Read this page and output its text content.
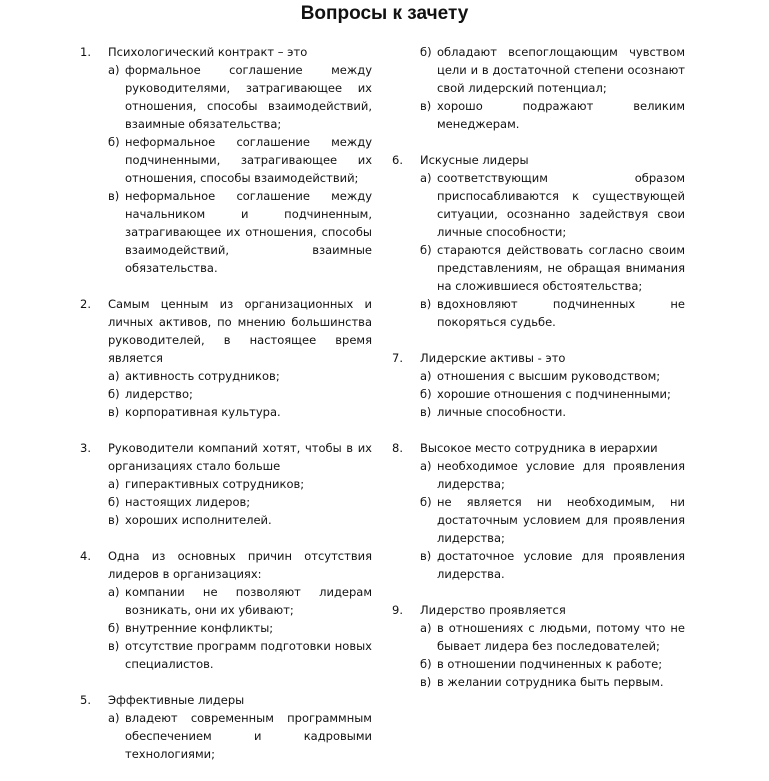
Вопросы к зачету
1.	Психологический контракт – это
а) формальное соглашение между руководителями, затрагивающее их отношения, способы взаимодействий, взаимные обязательства;
б) неформальное соглашение между подчиненными, затрагивающее их отношения, способы взаимодействий;
в) неформальное соглашение между начальником и подчиненным, затрагивающее их отношения, способы взаимодействий, взаимные обязательства.
2.	Самым ценным из организационных и личных активов, по мнению большинства руководителей, в настоящее время является
а) активность сотрудников;
б) лидерство;
в) корпоративная культура.
3.	Руководители компаний хотят, чтобы в их организациях стало больше
а) гиперактивных сотрудников;
б) настоящих лидеров;
в) хороших исполнителей.
4.	Одна из основных причин отсутствия лидеров в организациях:
а) компании не позволяют лидерам возникать, они их убивают;
б) внутренние конфликты;
в) отсутствие программ подготовки новых специалистов.
5.	Эффективные лидеры
а) владеют современным программным обеспечением и кадровыми технологиями;
б) обладают всепоглощающим чувством цели и в достаточной степени осознают свой лидерский потенциал;
в) хорошо подражают великим менеджерам.
6.	Искусные лидеры
а) соответствующим образом приспосабливаются к существующей ситуации, осознанно задействуя свои личные способности;
б) стараются действовать согласно своим представлениям, не обращая внимания на сложившиеся обстоятельства;
в) вдохновляют подчиненных не покоряться судьбе.
7.	Лидерские активы - это
а) отношения с высшим руководством;
б) хорошие отношения с подчиненными;
в) личные способности.
8.	Высокое место сотрудника в иерархии
а) необходимое условие для проявления лидерства;
б) не является ни необходимым, ни достаточным условием для проявления лидерства;
в) достаточное условие для проявления лидерства.
9.	Лидерство проявляется
а) в отношениях с людьми, потому что не бывает лидера без последователей;
б) в отношении подчиненных к работе;
в) в желании сотрудника быть первым.
